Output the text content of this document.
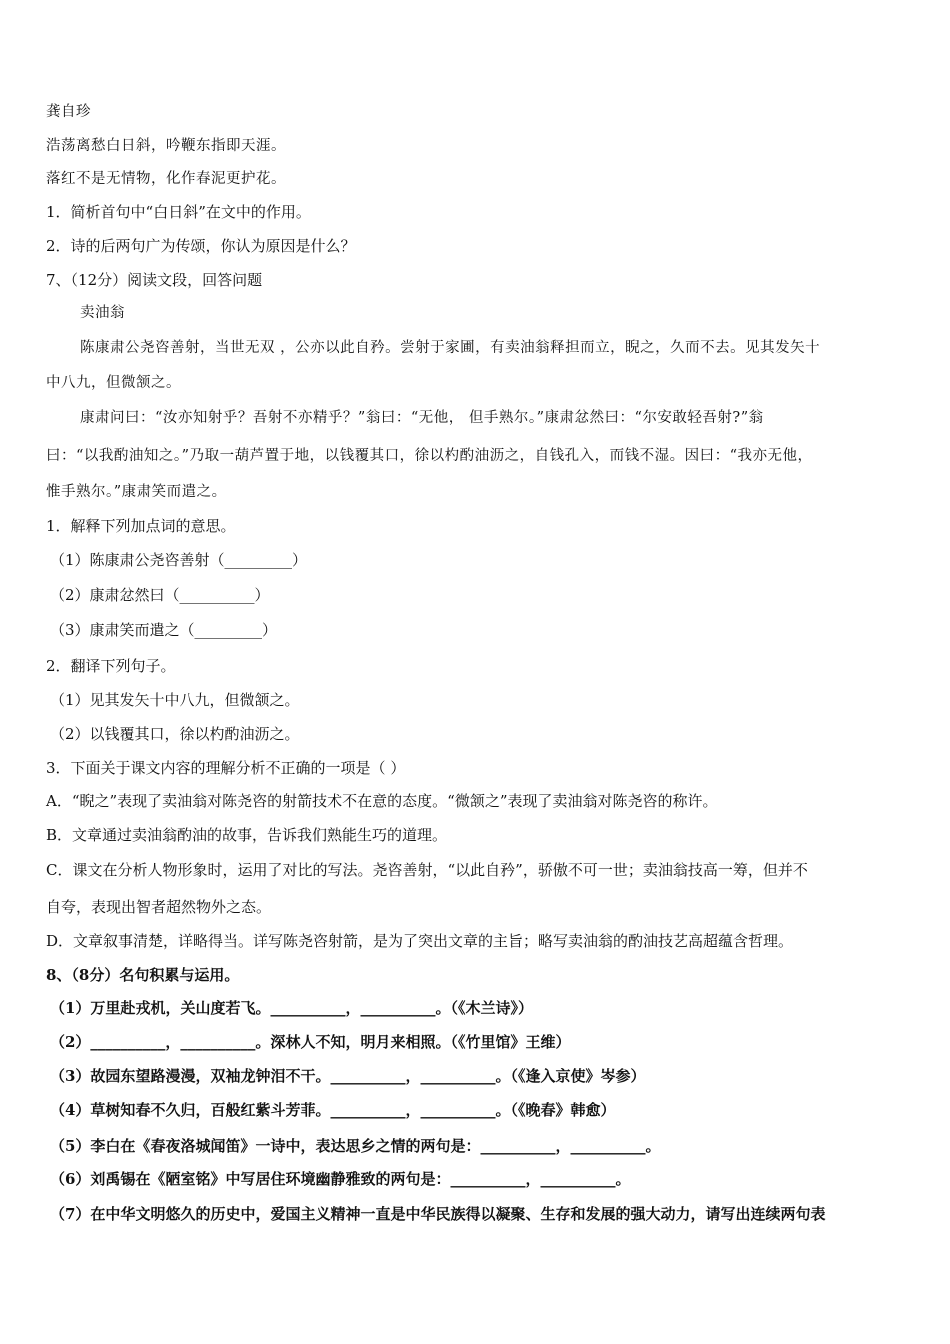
龚自珍
浩荡离愁白日斜，吟鞭东指即天涯。
落红不是无情物，化作春泥更护花。
1．简析首句中“白日斜”在文中的作用。
2．诗的后两句广为传颂，你认为原因是什么？
7、（12分）阅读文段，回答问题
卖油翁
陈康肃公尧咨善射，当世无双 ，公亦以此自矜。尝射于家圃，有卖油翁释担而立，睨之，久而不去。见其发矢十
中八九，但微颔之。
康肃问曰：“汝亦知射乎？吾射不亦精乎？”翁曰：“无他， 但手熟尔。”康肃忿然曰：“尔安敢轻吾射?”翁
曰：“以我酌油知之。”乃取一葫芦置于地，以钱覆其口，徐以杓酌油沥之，自钱孔入，而钱不湿。因曰：“我亦无他，
惟手熟尔。”康肃笑而遣之。
1．解释下列加点词的意思。
（1）陈康肃公尧咨善射（_________）
（2）康肃忿然曰（__________）
（3）康肃笑而遣之（_________）
2．翻译下列句子。
（1）见其发矢十中八九，但微颔之。
（2）以钱覆其口，徐以杓酌油沥之。
3．下面关于课文内容的理解分析不正确的一项是（ ）
A．“睨之”表现了卖油翁对陈尧咨的射箭技术不在意的态度。“微颔之”表现了卖油翁对陈尧咨的称许。
B．文章通过卖油翁酌油的故事，告诉我们熟能生巧的道理。
C．课文在分析人物形象时，运用了对比的写法。尧咨善射，“以此自矜”，骄傲不可一世；卖油翁技高一筹，但并不
自夸，表现出智者超然物外之态。
D．文章叙事清楚，详略得当。详写陈尧咨射箭，是为了突出文章的主旨；略写卖油翁的酌油技艺高超蕴含哲理。
8、（8分）名句积累与运用。
（1）万里赴戎机，关山度若飞。__________，__________。（《木兰诗》）
（2）__________，__________。深林人不知，明月来相照。（《竹里馆》王维）
（3）故园东望路漫漫，双袖龙钟泪不干。__________，__________。（《逢入京使》岑参）
（4）草树知春不久归，百般红紫斗芳菲。__________，__________。（《晚春》韩愈）
（5）李白在《春夜洛城闻笛》一诗中，表达思乡之情的两句是：__________，__________。
（6）刘禹锡在《陋室铭》中写居住环境幽静雅致的两句是：__________，__________。
（7）在中华文明悠久的历史中，爱国主义精神一直是中华民族得以凝聚、生存和发展的强大动力，请写出连续两句表
